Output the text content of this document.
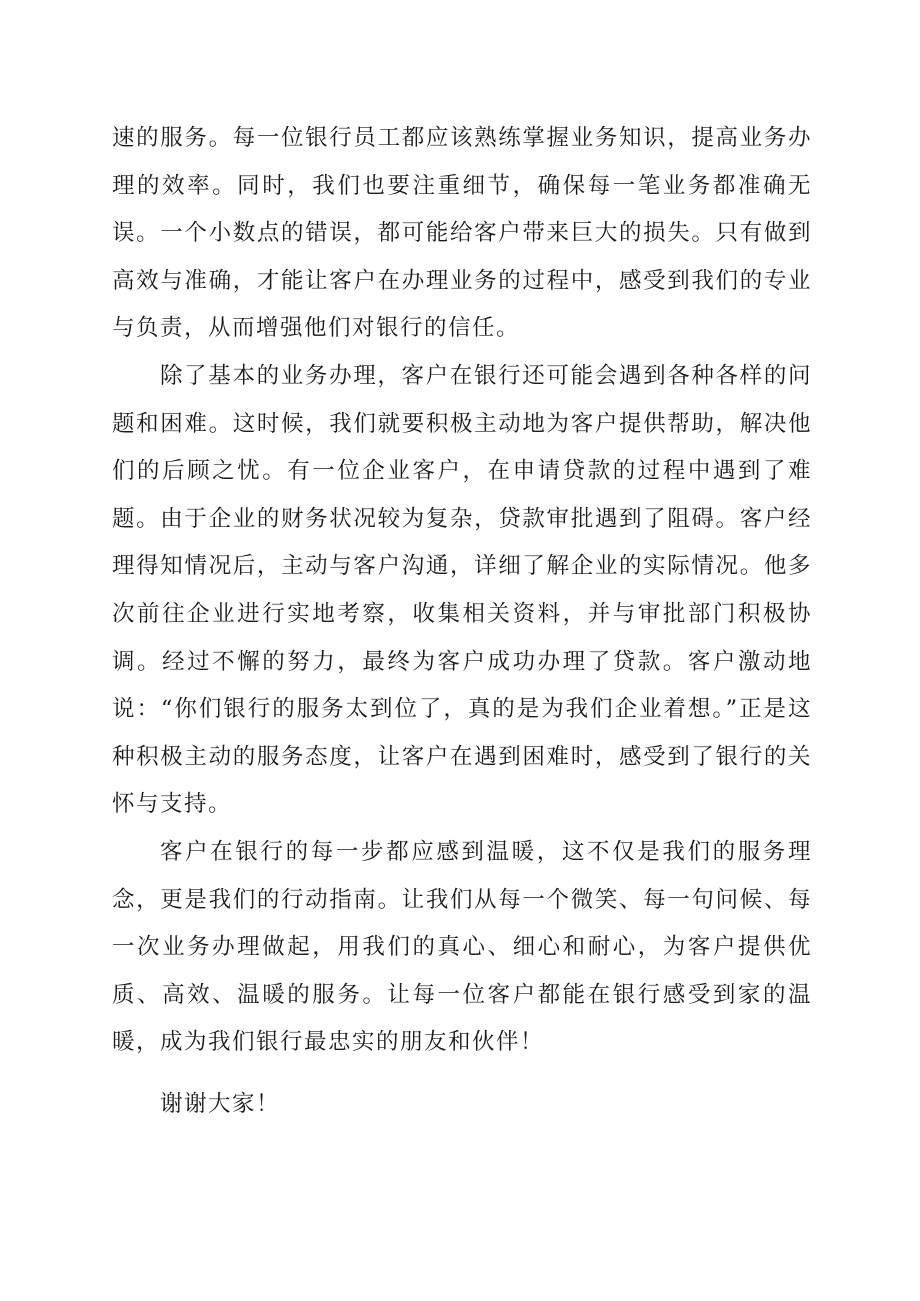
速的服务。每一位银行员工都应该熟练掌握业务知识，提高业务办理的效率。同时，我们也要注重细节，确保每一笔业务都准确无误。一个小数点的错误，都可能给客户带来巨大的损失。只有做到高效与准确，才能让客户在办理业务的过程中，感受到我们的专业与负责，从而增强他们对银行的信任。

除了基本的业务办理，客户在银行还可能会遇到各种各样的问题和困难。这时候，我们就要积极主动地为客户提供帮助，解决他们的后顾之忧。有一位企业客户，在申请贷款的过程中遇到了难题。由于企业的财务状况较为复杂，贷款审批遇到了阻碍。客户经理得知情况后，主动与客户沟通，详细了解企业的实际情况。他多次前往企业进行实地考察，收集相关资料，并与审批部门积极协调。经过不懈的努力，最终为客户成功办理了贷款。客户激动地说：“你们银行的服务太到位了，真的是为我们企业着想。”正是这种积极主动的服务态度，让客户在遇到困难时，感受到了银行的关怀与支持。

客户在银行的每一步都应感到温暖，这不仅是我们的服务理念，更是我们的行动指南。让我们从每一个微笑、每一句问候、每一次业务办理做起，用我们的真心、细心和耐心，为客户提供优质、高效、温暖的服务。让每一位客户都能在银行感受到家的温暖，成为我们银行最忠实的朋友和伙伴！

谢谢大家！
